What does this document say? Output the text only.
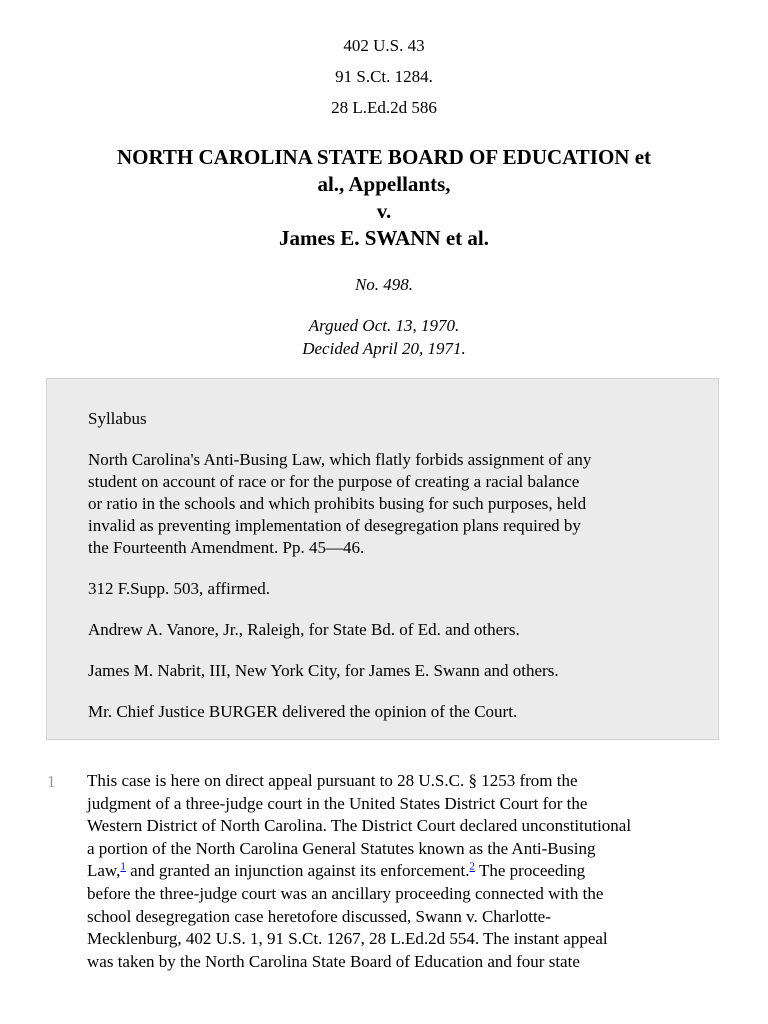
402 U.S. 43
91 S.Ct. 1284.
28 L.Ed.2d 586
NORTH CAROLINA STATE BOARD OF EDUCATION et
al., Appellants,
v.
James E. SWANN et al.
No. 498.
Argued Oct. 13, 1970.
Decided April 20, 1971.
Syllabus
North Carolina's Anti-Busing Law, which flatly forbids assignment of any
student on account of race or for the purpose of creating a racial balance
or ratio in the schools and which prohibits busing for such purposes, held
invalid as preventing implementation of desegregation plans required by
the Fourteenth Amendment. Pp. 45—46.
312 F.Supp. 503, affirmed.
Andrew A. Vanore, Jr., Raleigh, for State Bd. of Ed. and others.
James M. Nabrit, III, New York City, for James E. Swann and others.
Mr. Chief Justice BURGER delivered the opinion of the Court.
1 This case is here on direct appeal pursuant to 28 U.S.C. § 1253 from the
judgment of a three-judge court in the United States District Court for the
Western District of North Carolina. The District Court declared unconstitutional
a portion of the North Carolina General Statutes known as the Anti-Busing
Law,$^1$ and granted an injunction against its enforcement.$^2$ The proceeding
before the three-judge court was an ancillary proceeding connected with the
school desegregation case heretofore discussed, Swann v. Charlotte-
Mecklenburg, 402 U.S. 1, 91 S.Ct. 1267, 28 L.Ed.2d 554. The instant appeal
was taken by the North Carolina State Board of Education and four state
